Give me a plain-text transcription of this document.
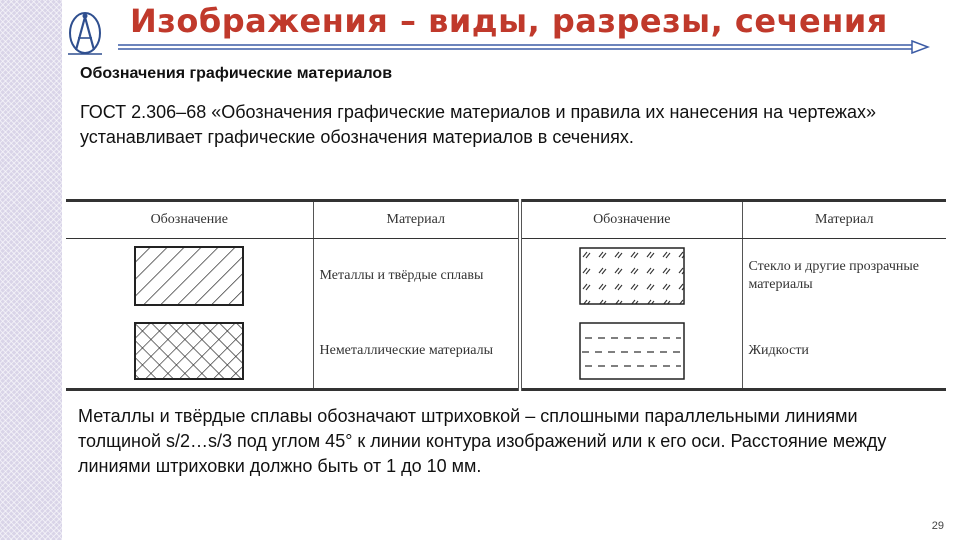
Изображения – виды, разрезы, сечения
Обозначения графические материалов

ГОСТ 2.306–68 «Обозначения графические материалов и правила их нанесения на чертежах» устанавливает графические обозначения материалов в сечениях.

Обозначение	Материал	Обозначение	Материал

	Металлы и твёрдые сплавы		Стекло и другие прозрачные материалы

	Неметаллические материалы		Жидкости

Металлы и твёрдые сплавы обозначают штриховкой – сплошными параллельными линиями толщиной s/2…s/3 под углом 45° к линии контура изображений или к его оси. Расстояние между линиями штриховки должно быть от 1 до 10 мм.

29
